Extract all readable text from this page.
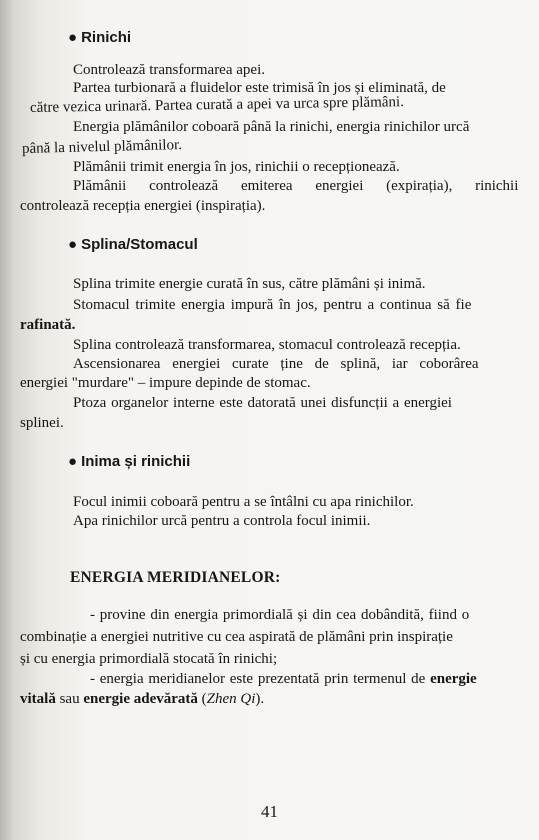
● Rinichi
Controlează transformarea apei.
Partea turbionară a fluidelor este trimisă în jos și eliminată, de
către vezica urinară. Partea curată a apei va urca spre plămâni.
Energia plămânilor coboară până la rinichi, energia rinichilor urcă
până la nivelul plămânilor.
Plămânii trimit energia în jos, rinichii o recepționează.
Plămânii controlează emiterea energiei (expirația), rinichii
controlează recepția energiei (inspirația).
● Splina/Stomacul
Splina trimite energie curată în sus, către plămâni și inimă.
Stomacul trimite energia impură în jos, pentru a continua să fie
rafinată.
Splina controlează transformarea, stomacul controlează recepția.
Ascensionarea energiei curate ține de splină, iar coborârea
energiei "murdare" – impure depinde de stomac.
Ptoza organelor interne este datorată unei disfuncții a energiei
splinei.
● Inima și rinichii
Focul inimii coboară pentru a se întâlni cu apa rinichilor.
Apa rinichilor urcă pentru a controla focul inimii.
ENERGIA MERIDIANELOR:
- provine din energia primordială și din cea dobândită, fiind o
combinație a energiei nutritive cu cea aspirată de plămâni prin inspirație
și cu energia primordială stocată în rinichi;
- energia meridianelor este prezentată prin termenul de energie
vitală sau energie adevărată (Zhen Qi).
41
